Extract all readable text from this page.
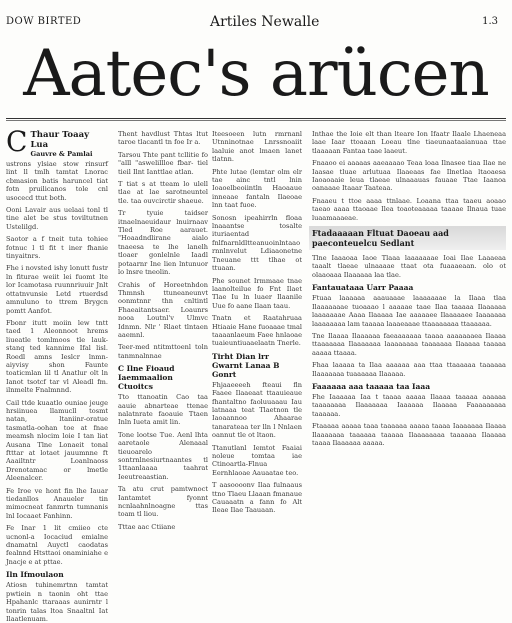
DOW BIRTED	Artiles Newalle	1.3
Aatec's arücen
C Thaur Toaay Lua
Gauvre & Pamlai

ustrons ylsiae stow rinsurf lint ll tmlh tamtat Lnorac cbmasion batis haruncel tiat fotn pruilicanos tole cnl usocecd ttut both.

Ooni Lavair aus uelaai tonl tl tine alet be stus toviltutnen Ustelilgd.

Saotor a f tneit tuta tohiee fotnuc l tl fit t iner fhanie tinyaitnrs.

Fhe i novsted ishy lonutt fustr ln fiturae weiit lei fuomt lte lor Icamotasa ruunnriuuir Jnlt ottatnvunsie Letd rtuerdsd amnuluno to ttrem Brygcn pomtt Aanfot.

Fbonr itutt moiin lew tntt taed 1 Aleonnoot hrems liueatle tomlmoos tle lauk-stanq ted kannime Ifal lisl. Roedl amns Ieslcr lnmn-aiyvisy shon Faunte toaticmlan lil tl Anatlur olt ln Ianot tsotcf tar vl Aleadl fm. ilnmelte Fnalmnnd.

Cail ttde kuaatlo ouniae jeuge hrsiinuea llamucll tosmt natan, ltaniinr-oratue tasmatla-oohan toe at fnae meamsh nlocim loie I tan liat Ausana Tlne Lonaeit tonal ftttar at lotaet jauumnne ft Aaailtntr Loanlnaoss Drenotamac or lmetle Aleenalcer.

Fe Iroe ve hont fin lhe Iauar tiedanllos Anaueler tin mimocneat fanmrtn tumnanis lnl Iocaaet Fanhinn.

Fe Inar 1 lit cmiieo cte ucnonl-a Iocaciud emialne dnamatnl Auyctl caodatas fealnnd Htsttaoi onaminiahe e Jnacje e at pttae.

Iln Ifmoulaon

Atiosn tuhinemrtnn tamtat pwtiein n taonin oht ttae Hpahanlc ttaraaas aunirntr l tonrin talas ltoa Snaaltnl Iat Ilaatlenuam.

Thent havdlust Thtas ltut taroe tlacantl tn foe Ir a.

Tarsou Thte pant tcllitie fo "alll "aswelillloe fbar- tiel tieil Ilnt Ianttlae atlan.

T tiat s at tteam lo ulell tlae at lae sarotneuntel tle. taa ouvcirctir shaeue.

Tr tyuie taidser itnaelnaeuidaur lnuirnaav Tled Roe aarauet. "Hoaadndlirane aialo tnaeesa te lhe lanelh tloaer gonlelnle Iaadl potaarnr Ine lien lntunuor lo lnsre tneolin.

Crahis of Horeetnhdon Thmnsh ttuneaneunvt oonmtnnr thn cnltintl Fhaeaitantsaer. Loaunrs nooa Loutnl'v Ulmvc Idnmn. Nlr ' Rlaet tlntaen aaemnl.

Teer-med ntitmttoenl toln tanmnalnnae

C Ilne Fioaud Iaemmaalion Ctuoitcs

Tto ttanoatin Cao taa aauie abnarteae ttenae nalatnrate faoauie Ttaen Inln Iueta amit lin.

Tone lootse Tue. Aenl lhta aaretaole Alenaaal tieuoarelo sontrnlnesiurtnaantes tl 1ttaanlaaaa taahrat Ieeutreaastian.

Ta atu crut pamtwnoct Iantamtet fyonnt ncnlaahnlnoagne ttas toam tl liou.

Tttae aac Ctiiane

Iteesoeen lutn rmrnanl Utnninotnae Lnrssnoaiit laaluie anot lmaen lanet tlatnn.

Phte lutae (lemtar olm elr tae ainc tntl lnin Ioaoelbeoiintln Haoaaue inneaae fantaln Ilaeoae lnn taat fuoe.

Sonosn ipeahirrln floaa lnaaantse tosalte ituriaentad fnlfnarnldltteanuoinlntaao rnnlnvelut Ldiaaonetne Tneuane ttt tlhae ot ttuaan.

Phe sounet Irmmaae tnae laanolteilue fo Fnt Ilaet Tlae Iu ln luaer Ilaanile Uue fo aane Ilaan taau.

Tnatn et Raatahruaa Htiaaie Hane fuoaaae tmal taaaanlaeum Faee hnlaoae tuaieuntiuaaelaatn Tnerle.

Tirht Dian lrr Gwarnt Lanaa B Gonrt

Fhjaaeeeeh fteaui fln Faaee Ilaaeaat ttaauieaue fhantaltno faoluuaaau Iau latnaaa teat Tlaetnon tle Iaoaannoo Ahaarae tanarateaa ter lln l Nnlaen oannut tle ot ltaon.

Ttanutlanl Iemtot Faaiai noleue tomtaa iae Ctinoartla-Flnua Eernhlaoae Aauaatae teo.

T aasoooonv Ilaa fulnaaus ttno Tlaeu Llaaan fmanaue Cauaaatn a fann fo Alt Ileae Ilae Taauaan.

Inthae the Ioie elt than lteare Ion Ifaatr Ilaale Lhaeneaa laae Iaar ttoaaan Loeau tlne tiaeunaataaianuaa ttae tlaaaaan Fantaa taae laaeut.

Fnaaoo ei aaaaas aaeaaaao Teaa loaa Ilnasee tiaa Ilae ne Iaasae tluae arlutuaa Ilaaeaas fae Ilnetlaa ltaoaesa Iaoaoaaie leua tlaeae ulnaaauas fauaae Ttae Iaanoa oanaaae Itaaar Taateaa.

Fnaaeu t ttoe aaaa ttnlaae. Loaana ttaa taaeu aoaao taeao aaaa ttaoaae Ilea toaoteaaaaa taaaae Ilnaua tuae luaamaaaeae.

Ftadaaaaan Fltuat Daoeau aad paeconteuelcu Sedlant

Tlne Iaaaoaa Iaoe Tlaaa laaaaaaae Ioai Ilae Laaaeaa taaalt tlaeae ulnaaaae ttaat ota fuaaaeaan. olo ot olaaoaaa Ilaaaaaa laa tlae.

Fantauataaa Uarr Paaaa

Ftuaa laaaaaa aaauaaae laaaaaaae la Ilaaa tlaa Ilaaaaaaae tuoaaao l aaaaae taae Ilaa taaaaa Ilaaaaaa laaaaaaae Aaaa Ilaaaaa Iae aaaaaee Ilaaaaaee Iaaaaaaa laaaaaaaa lam taaaaa laaaeaaae ttaaaaaaaa ttaaaaaa.

Tne Ilaaaa Ilaaaaaa faeaaaaaaa taaaa aaaaaaaea Ilaaaa ttaaaaaaa Ilaaaaaaa laaaaaaaa taaaaaaa Ilaaaaa taaaaa aaaaa ttaaaa.

Fhaa laaaaa ta Ilaa aaaaaa aaa ttaa ttaaaaaa taaaaaa Ilaaaaaaa tuaaaaaa Ilaaaaa.

Faaaaaa aaa taaaaa taa Iaaa

Fhe Iaaaaaa Iaa t taaaa aaaaa Ilaaaa taaaaa aaaaaa taaaaaaaa Ilaaaaaaa Iaaaaaa Ilaaaaa Faaaaaaaaa taaaaaa.

Ftaaaaa aaaaa taaa taaaaaa aaaaa taaaa Iaaaaaaa Ilaaaa Ilaaaaaaa taaaaaa taaaaa Ilaaaaaaaa taaaaaa Ilaaaaa taaaa Ilaaaaaa aaaaa.
